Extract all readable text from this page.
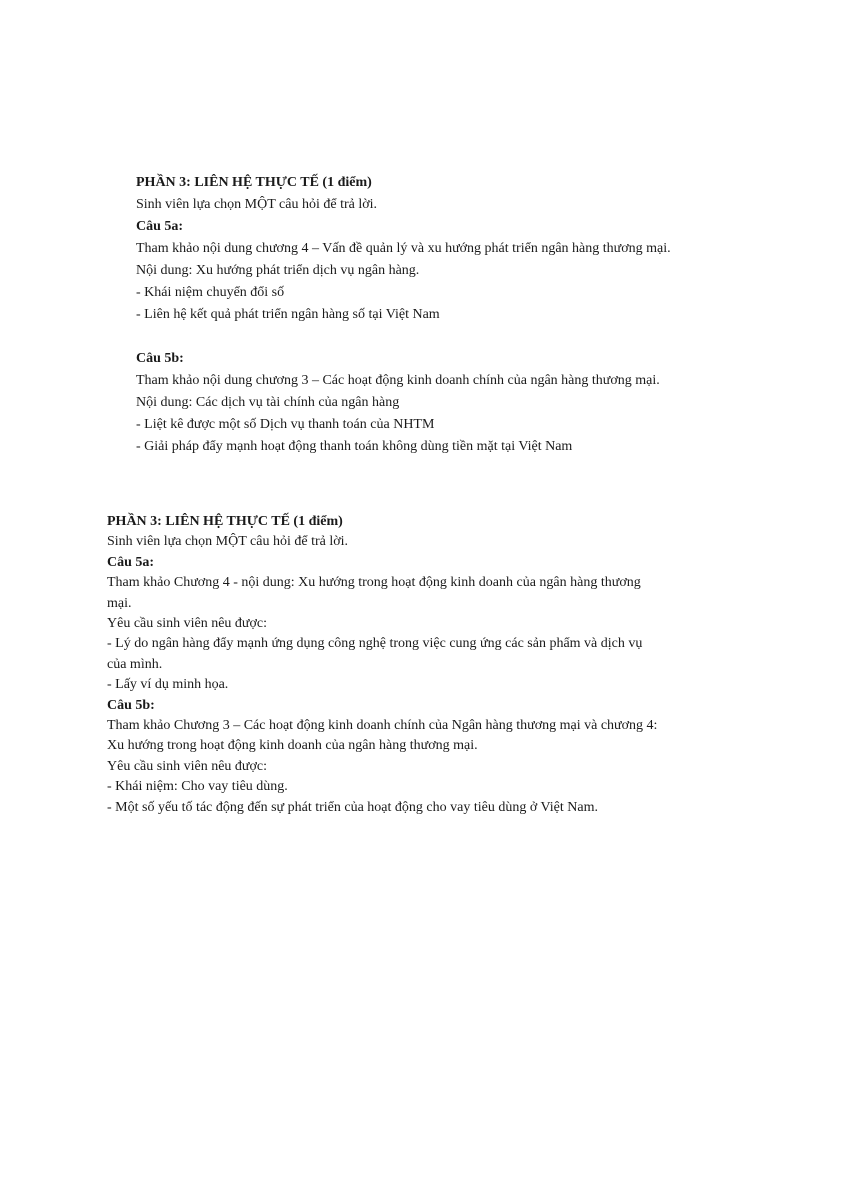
PHẦN 3: LIÊN HỆ THỰC TẾ (1 điểm)
Sinh viên lựa chọn MỘT câu hỏi để trả lời.
Câu 5a:
Tham khảo nội dung chương 4 – Vấn đề quản lý và xu hướng phát triển ngân hàng thương mại.
Nội dung: Xu hướng phát triển dịch vụ ngân hàng.
- Khái niệm chuyển đổi số
- Liên hệ kết quả phát triển ngân hàng số tại Việt Nam
Câu 5b:
Tham khảo nội dung chương 3 – Các hoạt động kinh doanh chính của ngân hàng thương mại.
Nội dung: Các dịch vụ tài chính của ngân hàng
- Liệt kê được một số Dịch vụ thanh toán của NHTM
- Giải pháp đẩy mạnh hoạt động thanh toán không dùng tiền mặt tại Việt Nam
PHẦN 3: LIÊN HỆ THỰC TẾ (1 điểm)
Sinh viên lựa chọn MỘT câu hỏi để trả lời.
Câu 5a:
Tham khảo Chương 4 - nội dung: Xu hướng trong hoạt động kinh doanh của ngân hàng thương
mại.
Yêu cầu sinh viên nêu được:
- Lý do ngân hàng đẩy mạnh ứng dụng công nghệ trong việc cung ứng các sản phẩm và dịch vụ
của mình.
- Lấy ví dụ minh họa.
Câu 5b:
Tham khảo Chương 3 – Các hoạt động kinh doanh chính của Ngân hàng thương mại và chương 4:
Xu hướng trong hoạt động kinh doanh của ngân hàng thương mại.
Yêu cầu sinh viên nêu được:
- Khái niệm: Cho vay tiêu dùng.
- Một số yếu tố tác động đến sự phát triển của hoạt động cho vay tiêu dùng ở Việt Nam.
